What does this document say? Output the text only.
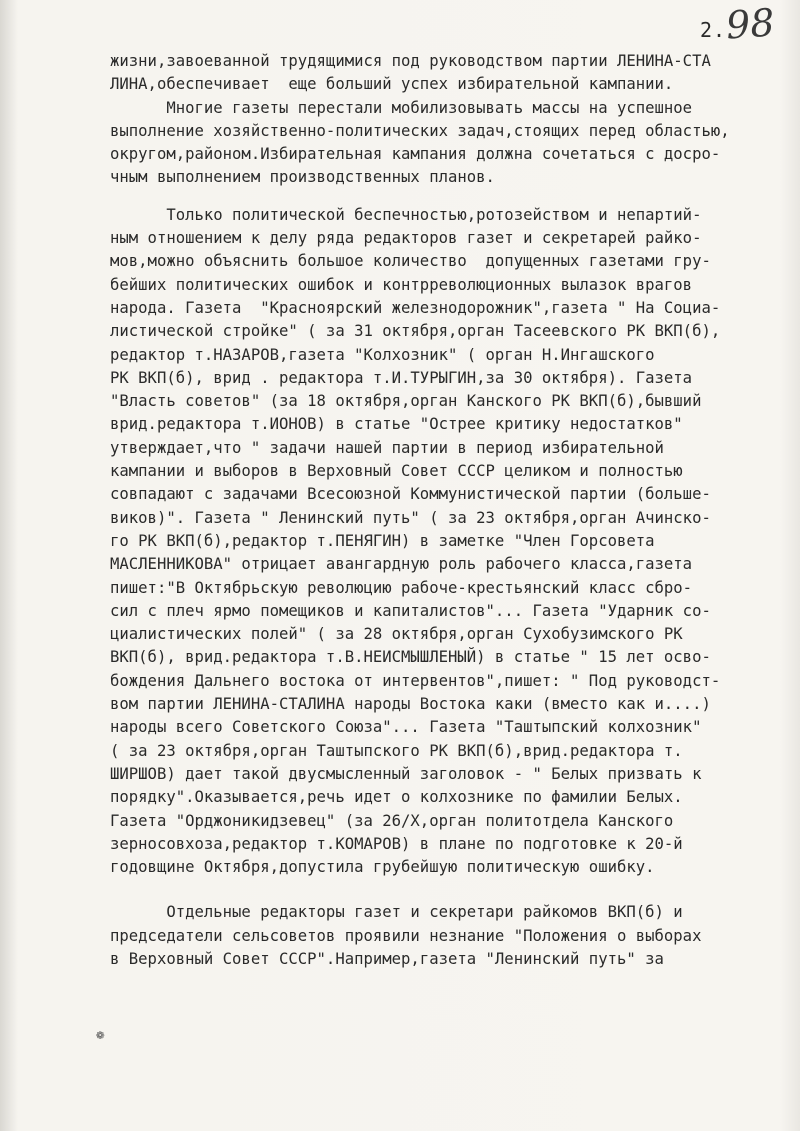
2.
98
жизни,завоеванной трудящимися под руководством партии ЛЕНИНА-СТА
ЛИНА,обеспечивает  еще больший успех избирательной кампании.
Многие газеты перестали мобилизовывать массы на успешное
выполнение хозяйственно-политических задач,стоящих перед областью,
округом,районом.Избирательная кампания должна сочетаться с досро-
чным выполнением производственных планов.
Только политической беспечностью,ротозейством и непартий-
ным отношением к делу ряда редакторов газет и секретарей райко-
мов,можно объяснить большое количество  допущенных газетами гру-
бейших политических ошибок и контрреволюционных вылазок врагов
народа. Газета  "Красноярский железнодорожник",газета " На Социа-
листической стройке" ( за 31 октября,орган Тасеевского РК ВКП(б),
редактор т.НАЗАРОВ,газета "Колхозник" ( орган Н.Ингашского
РК ВКП(б), врид . редактора т.И.ТУРЫГИН,за 30 октября). Газета
"Власть советов" (за 18 октября,орган Канского РК ВКП(б),бывший
врид.редактора т.ИОНОВ) в статье "Острее критику недостатков"
утверждает,что " задачи нашей партии в период избирательной
кампании и выборов в Верховный Совет СССР целиком и полностью
совпадают с задачами Всесоюзной Коммунистической партии (больше-
виков)". Газета " Ленинский путь" ( за 23 октября,орган Ачинско-
го РК ВКП(б),редактор т.ПЕНЯГИН) в заметке "Член Горсовета
МАСЛЕННИКОВА" отрицает авангардную роль рабочего класса,газета
пишет:"В Октябрьскую революцию рабоче-крестьянский класс сбро-
сил с плеч ярмо помещиков и капиталистов"... Газета "Ударник со-
циалистических полей" ( за 28 октября,орган Сухобузимского РК
ВКП(б), врид.редактора т.В.НЕИСМЫШЛЕНЫЙ) в статье " 15 лет осво-
бождения Дальнего востока от интервентов",пишет: " Под руководст-
вом партии ЛЕНИНА-СТАЛИНА народы Востока каки (вместо как и....)
народы всего Советского Союза"... Газета "Таштыпский колхозник"
( за 23 октября,орган Таштыпского РК ВКП(б),врид.редактора т.
ШИРШОВ) дает такой двусмысленный заголовок - " Белых призвать к
порядку".Оказывается,речь идет о колхознике по фамилии Белых.
Газета "Орджоникидзевец" (за 26/X,орган политотдела Канского
зерносовхоза,редактор т.КОМАРОВ) в плане по подготовке к 20-й
годовщине Октября,допустила грубейшую политическую ошибку.
Отдельные редакторы газет и секретари райкомов ВКП(б) и
председатели сельсоветов проявили незнание "Положения о выборах
в Верховный Совет СССР".Например,газета "Ленинский путь" за
❁
